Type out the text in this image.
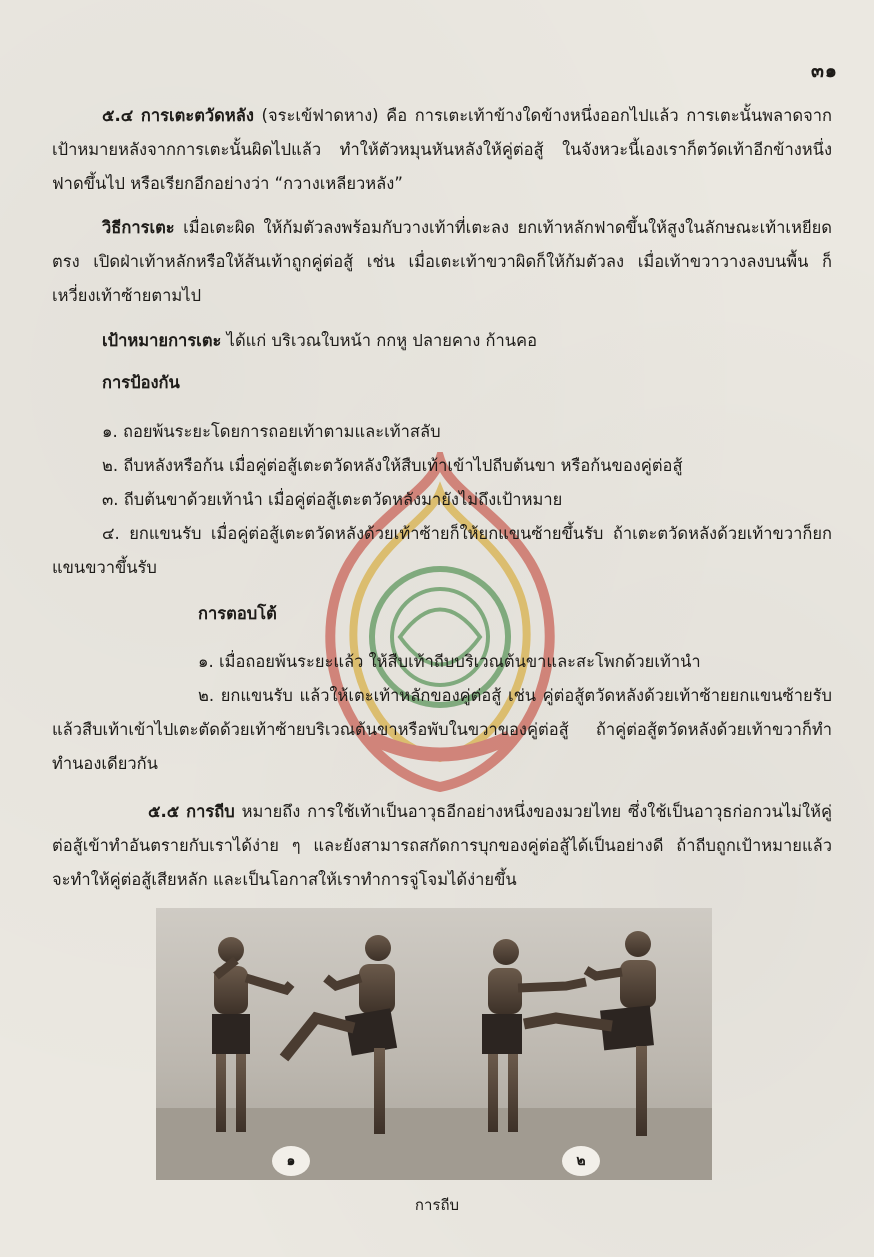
๓๑

๕.๔ การเตะตวัดหลัง (จระเข้ฟาดหาง) คือ การเตะเท้าข้างใดข้างหนึ่งออกไปแล้ว การเตะนั้นพลาดจากเป้าหมายหลังจากการเตะนั้นผิดไปแล้ว ทำให้ตัวหมุนหันหลังให้คู่ต่อสู้ ในจังหวะนี้เองเราก็ตวัดเท้าอีกข้างหนึ่งฟาดขึ้นไป หรือเรียกอีกอย่างว่า “กวางเหลียวหลัง”

วิธีการเตะ เมื่อเตะผิด ให้ก้มตัวลงพร้อมกับวางเท้าที่เตะลง ยกเท้าหลักฟาดขึ้นให้สูงในลักษณะเท้าเหยียดตรง เปิดฝ่าเท้าหลักหรือให้ส้นเท้าถูกคู่ต่อสู้ เช่น เมื่อเตะเท้าขวาผิดก็ให้ก้มตัวลง เมื่อเท้าขวาวางลงบนพื้น ก็เหวี่ยงเท้าซ้ายตามไป

เป้าหมายการเตะ ได้แก่ บริเวณใบหน้า กกหู ปลายคาง ก้านคอ

การป้องกัน

๑. ถอยพ้นระยะโดยการถอยเท้าตามและเท้าสลับ

๒. ถีบหลังหรือก้น เมื่อคู่ต่อสู้เตะตวัดหลังให้สืบเท้าเข้าไปถีบต้นขา หรือก้นของคู่ต่อสู้

๓. ถีบต้นขาด้วยเท้านำ เมื่อคู่ต่อสู้เตะตวัดหลังมายังไม่ถึงเป้าหมาย

๔. ยกแขนรับ เมื่อคู่ต่อสู้เตะตวัดหลังด้วยเท้าซ้ายก็ให้ยกแขนซ้ายขึ้นรับ ถ้าเตะตวัดหลังด้วยเท้าขวาก็ยกแขนขวาขึ้นรับ

การตอบโต้

๑. เมื่อถอยพ้นระยะแล้ว ให้สืบเท้าถีบบริเวณต้นขาและสะโพกด้วยเท้านำ

๒. ยกแขนรับ แล้วให้เตะเท้าหลักของคู่ต่อสู้ เช่น คู่ต่อสู้ตวัดหลังด้วยเท้าซ้ายยกแขนซ้ายรับ แล้วสืบเท้าเข้าไปเตะตัดด้วยเท้าซ้ายบริเวณต้นขาหรือพับในขวาของคู่ต่อสู้ ถ้าคู่ต่อสู้ตวัดหลังด้วยเท้าขวาก็ทำทำนองเดียวกัน

๕.๕ การถีบ หมายถึง การใช้เท้าเป็นอาวุธอีกอย่างหนึ่งของมวยไทย ซึ่งใช้เป็นอาวุธก่อกวนไม่ให้คู่ต่อสู้เข้าทำอันตรายกับเราได้ง่าย ๆ และยังสามารถสกัดการบุกของคู่ต่อสู้ได้เป็นอย่างดี ถ้าถีบถูกเป้าหมายแล้ว จะทำให้คู่ต่อสู้เสียหลัก และเป็นโอกาสให้เราทำการจู่โจมได้ง่ายขึ้น

๑	๒
การถีบ
